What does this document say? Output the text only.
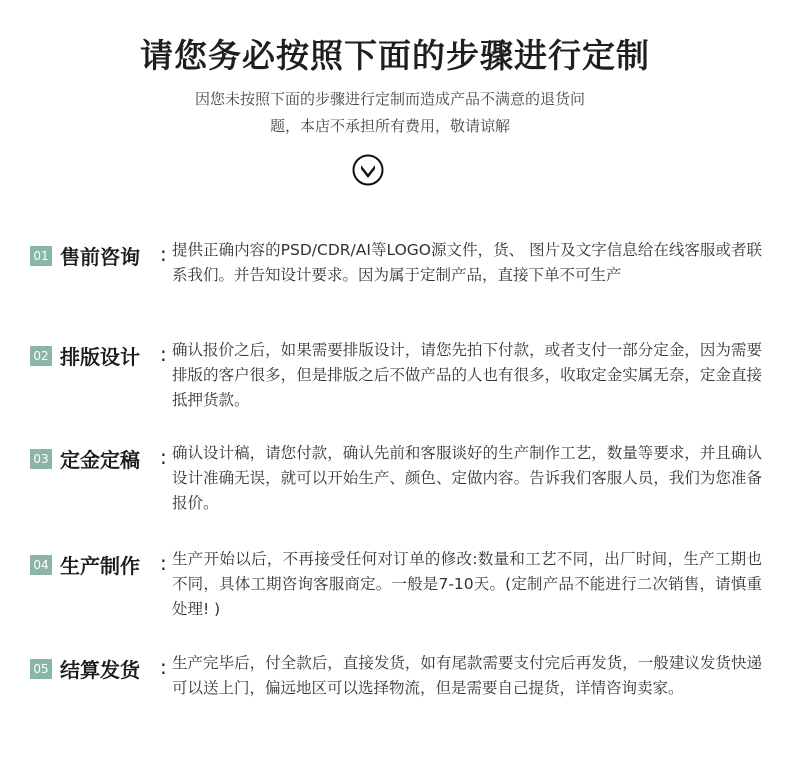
请您务必按照下面的步骤进行定制
因您未按照下面的步骤进行定制而造成产品不满意的退货问
题，本店不承担所有费用，敬请谅解
01 售前咨询 : 提供正确内容的PSD/CDR/AI等LOGO源文件，货、 图片及文字信息给在线客服或者联系我们。并告知设计要求。因为属于定制产品，直接下单不可生产
02 排版设计 : 确认报价之后，如果需要排版设计，请您先拍下付款，或者支付一部分定金，因为需要排版的客户很多，但是排版之后不做产品的人也有很多，收取定金实属无奈，定金直接抵押货款。
03 定金定稿 : 确认设计稿，请您付款，确认先前和客服谈好的生产制作工艺，数量等要求，并且确认设计准确无误，就可以开始生产、颜色、定做内容。告诉我们客服人员，我们为您准备报价。
04 生产制作 : 生产开始以后，不再接受任何对订单的修改:数量和工艺不同，出厂时间，生产工期也不同，具体工期咨询客服商定。一般是7-10天。(定制产品不能进行二次销售，请慎重处理! )
05 结算发货 : 生产完毕后，付全款后，直接发货，如有尾款需要支付完后再发货，一般建议发货快递可以送上门，偏远地区可以选择物流，但是需要自己提货，详情咨询卖家。
